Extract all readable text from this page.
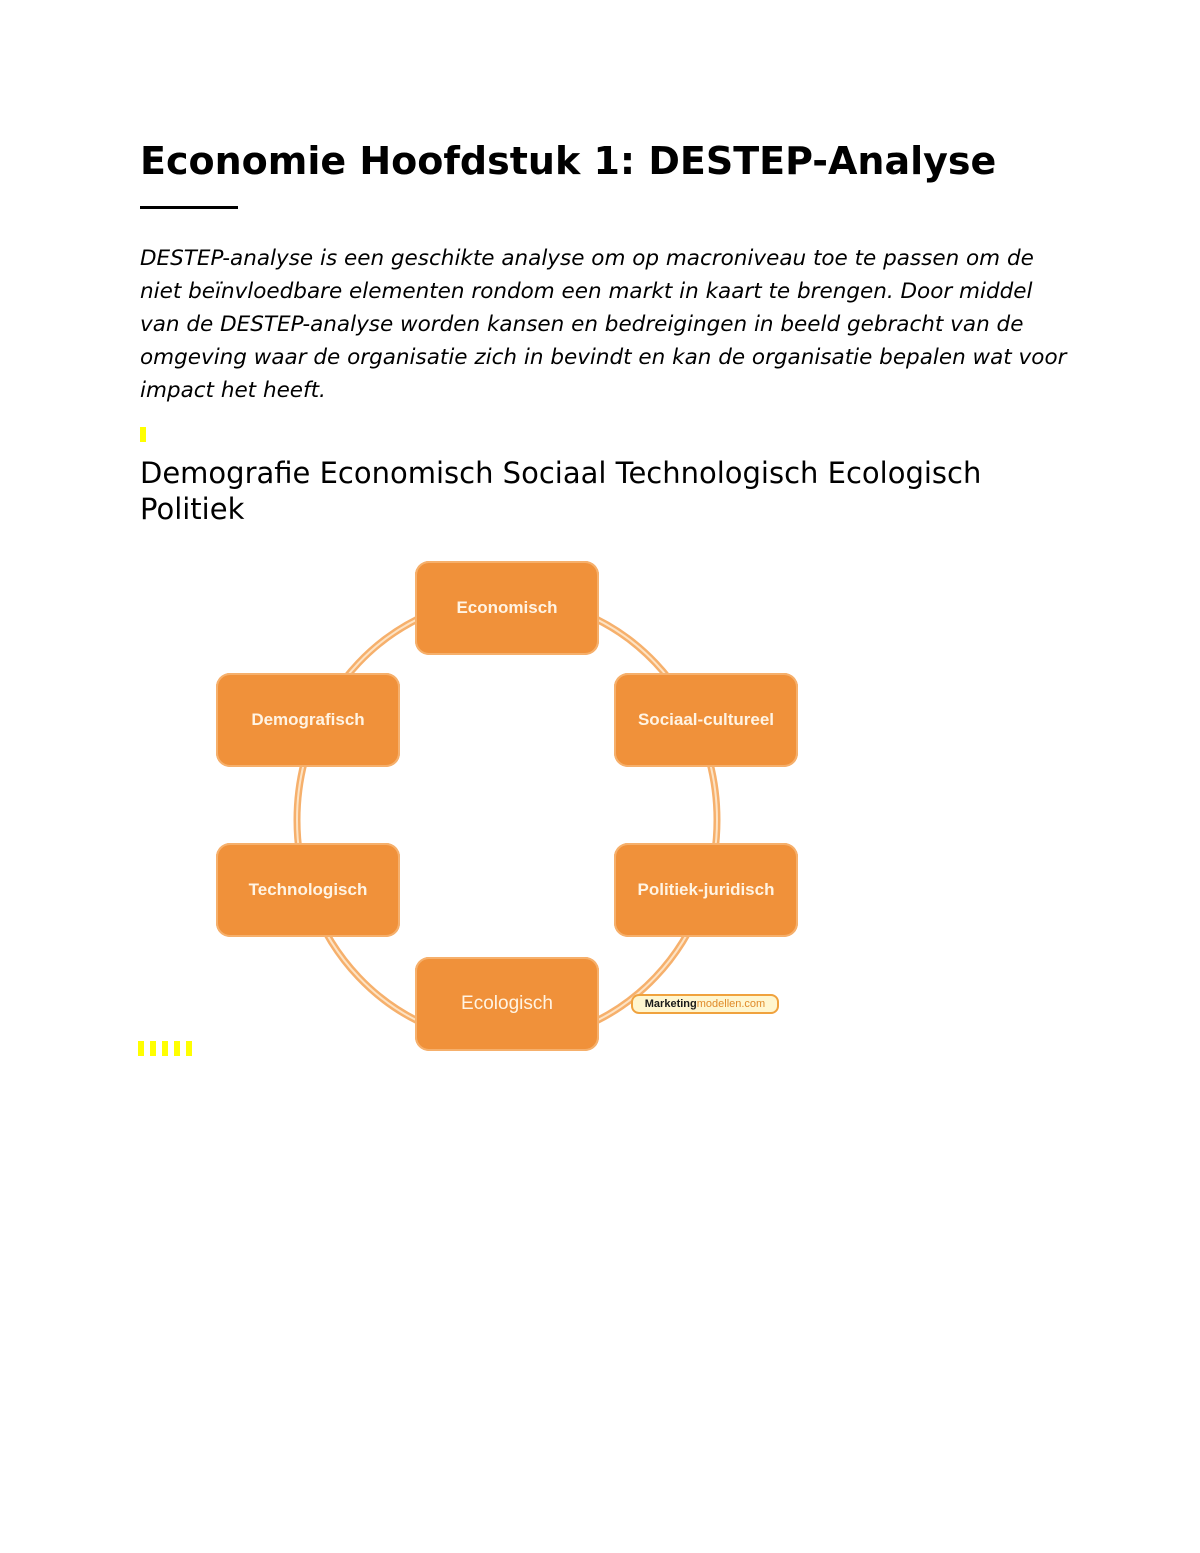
Economie Hoofdstuk 1: DESTEP-Analyse

DESTEP-analyse is een geschikte analyse om op macroniveau toe te passen om de niet beïnvloedbare elementen rondom een markt in kaart te brengen. Door middel van de DESTEP-analyse worden kansen en bedreigingen in beeld gebracht van de omgeving waar de organisatie zich in bevindt en kan de organisatie bepalen wat voor impact het heeft.

Demografie Economisch Sociaal Technologisch Ecologisch Politiek
Economisch
Sociaal-cultureel
Politiek-juridisch
Ecologisch
Technologisch
Demografisch
Marketingmodellen.com
